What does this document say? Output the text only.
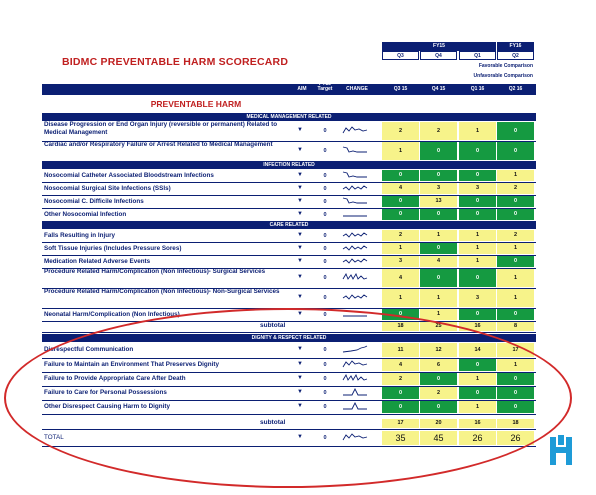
BIDMC PREVENTABLE HARM SCORECARD
FY15	FY16
Q3	Q4	Q1	Q2
Favorable Comparison
Unfavorable Comparison
AIM
FY15 Target	CHANGE	Q3 15	Q4 15	Q1 16	Q2 16
PREVENTABLE HARM
MEDICAL MANAGEMENT RELATED
Disease Progression or End Organ Injury (reversible or permanent) Related to Medical Management	▼	0	2	2	1	0
Cardiac and/or Respiratory Failure or Arrest Related to Medical Management
▼	0	1	0	0	0
INFECTION RELATED
Nosocomial Catheter Associated Bloodstream Infections	▼	0	0	0	0	1
Nosocomial Surgical Site Infections (SSIs)	▼	0	4	3	3	2
Nosocomial C. Difficile Infections	▼	0	0	13	0	0
Other Nosocomial Infection	▼	0	0	0	0	0
CARE RELATED
Falls Resulting in Injury	▼	0	2	1	1	2
Soft Tissue Injuries (Includes Pressure Sores)	▼	0	1	0	1	1
Medication Related Adverse Events	▼	0	3	4	1	0
Procedure Related Harm/Complication (Non Infectious)- Surgical Services
▼	0	4	0	0	1
Procedure Related Harm/Complication (Non Infectious)- Non-Surgical Services
▼	0	1	1	3	1
Neonatal Harm/Complication (Non Infectious)	▼	0	0	1	0	0
subtotal	18	25	16	8
DIGNITY & RESPECT RELATED
Disrespectful Communication	▼	0	11	12	14	17
Failure to Maintain an Environment That Preserves Dignity	▼	0	4	6	0	1
Failure to Provide Appropriate Care After Death	▼	0	2	0	1	0
Failure to Care for Personal Possessions	▼	0	0	2	0	0
Other Disrespect Causing Harm to Dignity	▼	0	0	0	1	0
subtotal	17	20	16	18
TOTAL	▼	0	35	45	26	26
